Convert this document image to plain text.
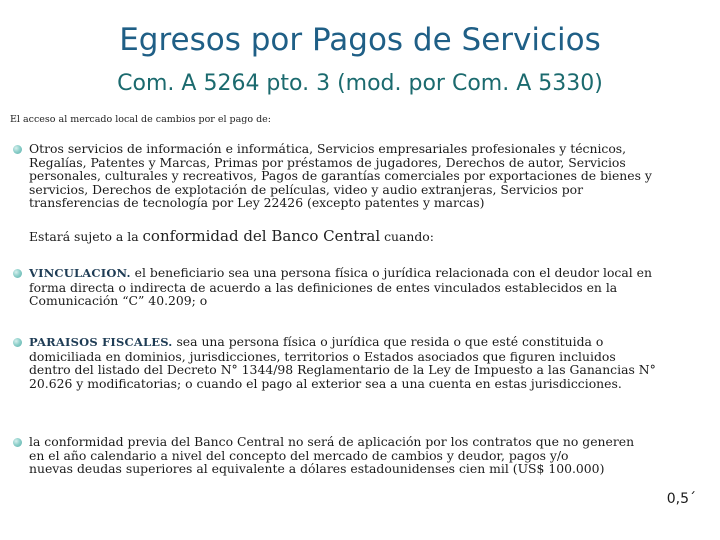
Egresos por Pagos de Servicios
Com. A 5264 pto. 3 (mod. por Com. A 5330)
El acceso al mercado local de cambios por el pago de:
Otros servicios de información e informática, Servicios empresariales profesionales y técnicos,
Regalías, Patentes y Marcas, Primas por préstamos de jugadores, Derechos de autor, Servicios
personales, culturales y recreativos, Pagos de garantías comerciales por exportaciones de bienes y
servicios, Derechos de explotación de películas, video y audio extranjeras, Servicios por
transferencias de tecnología por Ley 22426 (excepto patentes y marcas)
Estará sujeto a la conformidad del Banco Central cuando:
VINCULACION. el beneficiario sea una persona física o jurídica relacionada con el deudor local en
forma directa o indirecta de acuerdo a las definiciones de entes vinculados establecidos en la
Comunicación “C” 40.209; o
PARAISOS FISCALES. sea una persona física o jurídica que resida o que esté constituida o
domiciliada en dominios, jurisdicciones, territorios o Estados asociados que figuren incluidos
dentro del listado del Decreto N° 1344/98 Reglamentario de la Ley de Impuesto a las Ganancias N°
20.626 y modificatorias; o cuando el pago al exterior sea a una cuenta en estas jurisdicciones.
la conformidad previa del Banco Central no será de aplicación por los contratos que no generen
en el año calendario a nivel del concepto del mercado de cambios y deudor, pagos y/o
nuevas deudas superiores al equivalente a dólares estadounidenses cien mil (US$ 100.000)
0,5´
